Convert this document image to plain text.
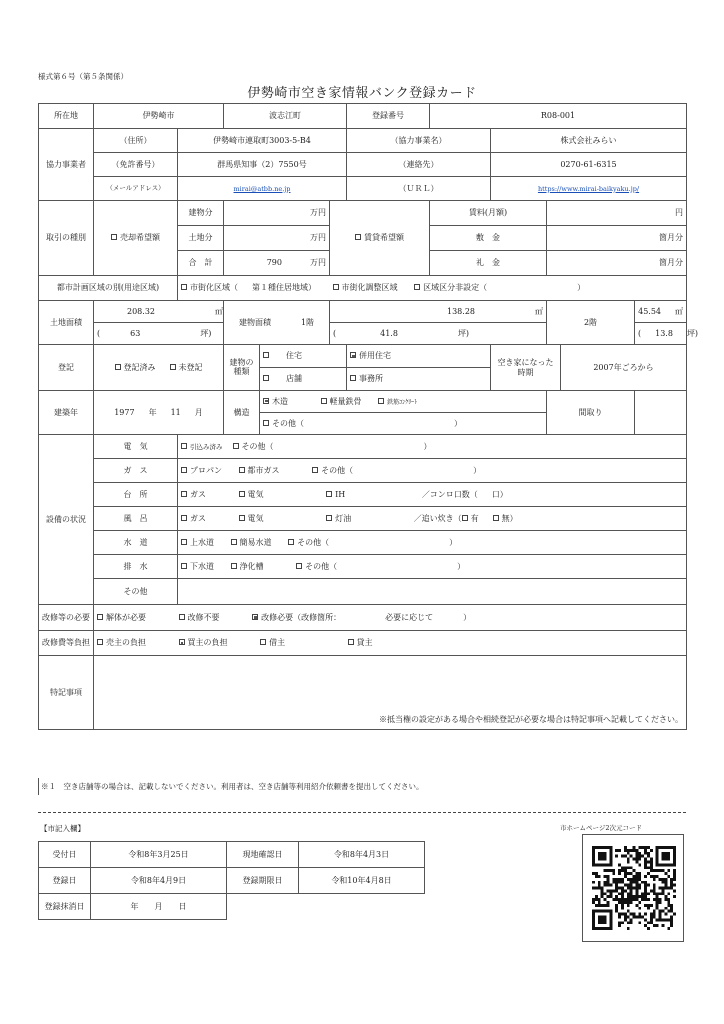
様式第６号（第５条関係）
伊勢崎市空き家情報バンク登録カード
所在地	伊勢崎市		波志江町			登録番号	R08-001				
協力事業者	（住所）	伊勢崎市連取町3003-5-B4				（協力事業名）		株式会社みらい			
	（免許番号）	群馬県知事（2）7550号				（連絡先）		0270-61-6315			
	（メールアドレス）	mirai@atbb.ne.jp				（ＵＲＬ）		https://www.mirai-baikyaku.jp/			
取引の種別	売却希望額	建物分	万円		賃貸希望額		賃料(月額)		円		
		土地分	万円				敷　金		箇月分		
		合　計	790 万円				礼　金		箇月分		
都市計画区域の別(用途区域)		市街化区域（ 第１種住居地域） 市街化調整区域 区域区分非設定（ ）									
土地面積	208.32 ㎡		建物面積 1階		138.28 ㎡				2階		45.54 ㎡
	( 63 坪)				( 41.8 坪)						( 13.8 坪)
登記	登記済み 未登記		建物の種類	住宅		併用住宅		空き家になった時期		2007年ごろから	
				店舗		事務所					
建築年	1977 年 11 月		構造	木造 軽量鉄骨 鉄筋ｺﾝｸﾘｰﾄ					間取り		
				その他（ ）							
設備の状況	電　気	引込み済み その他（ ）									
	ガ　ス	プロパン 都市ガス その他（ ）									
	台　所	ガス 電気 IH ／コンロ口数（ 口）									
	風　呂	ガス 電気 灯油 ／追い炊き（ 有 無）									
	水　道	上水道 簡易水道 その他（ ）									
	排　水	下水道 浄化槽 その他（ ）									
	その他										
改修等の必要	解体が必要 改修不要 改修必要（改修箇所： 必要に応じて ）										
改修費等負担	売主の負担 買主の負担 借主 貸主										
特記事項	※抵当権の設定がある場合や相続登記が必要な場合は特記事項へ記載してください。										
※１　空き店舗等の場合は、記載しないでください。利用者は、空き店舗等利用紹介依頼書を提出してください。
【市記入欄】	市ホームページ2次元コード
受付日	令和8年3月25日	現地確認日	令和8年4月3日
登録日	令和8年4月9日	登録期限日	令和10年4月8日
登録抹消日	年　　月　　日		
